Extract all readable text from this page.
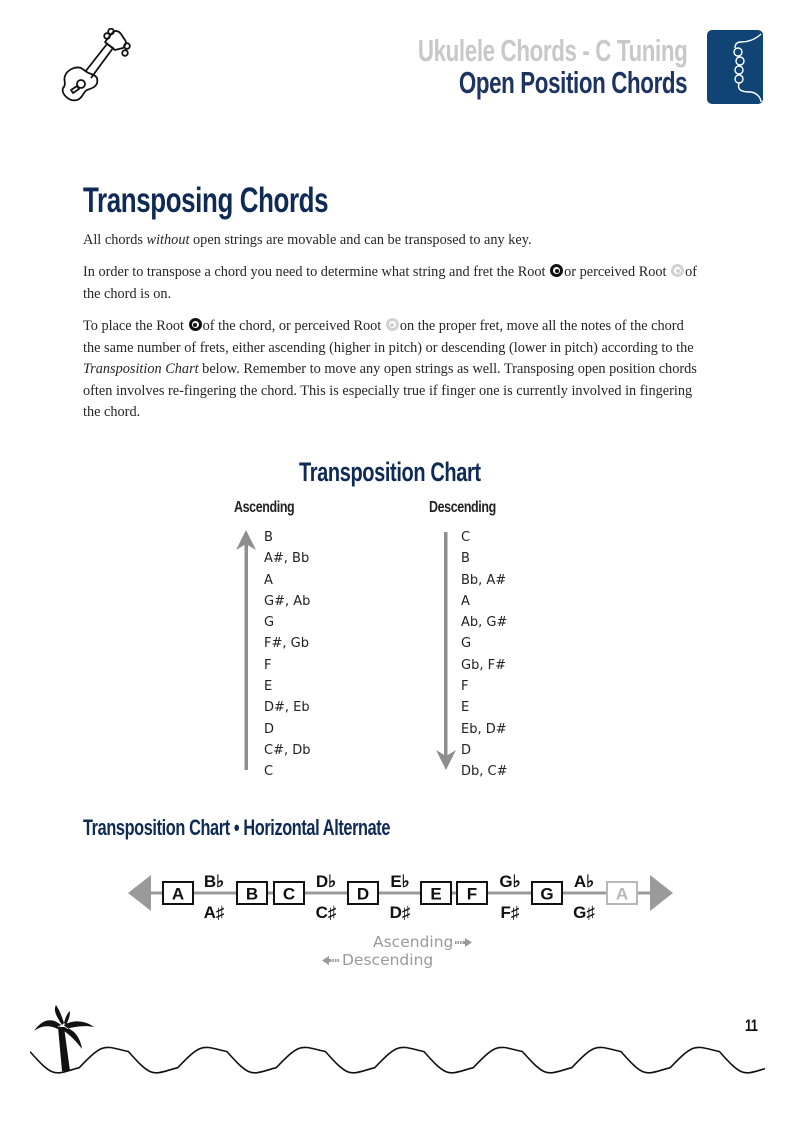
Ukulele Chords - C Tuning
Open Position Chords
Transposing Chords
All chords without open strings are movable and can be transposed to any key.
In order to transpose a chord you need to determine what string and fret the Root or perceived Root of the chord is on.
To place the Root of the chord, or perceived Root on the proper fret, move all the notes of the chord the same number of frets, either ascending (higher in pitch) or descending (lower in pitch) according to the Transposition Chart below. Remember to move any open strings as well. Transposing open position chords often involves re-fingering the chord. This is especially true if finger one is currently involved in fingering the chord.
Transposition Chart
Ascending	Descending
B
A#, Bb
A
G#, Ab
G
F#, Gb
F
E
D#, Eb
D
C#, Db
C
C
B
Bb, A#
A
Ab, G#
G
Gb, F#
F
E
Eb, D#
D
Db, C#
Transposition Chart • Horizontal Alternate
A
B♭
A♯
B C
D♭
C♯
D
E♭
D♯
E F
G♭
F♯
G
A♭
G♯
A
Ascending
Descending
11
